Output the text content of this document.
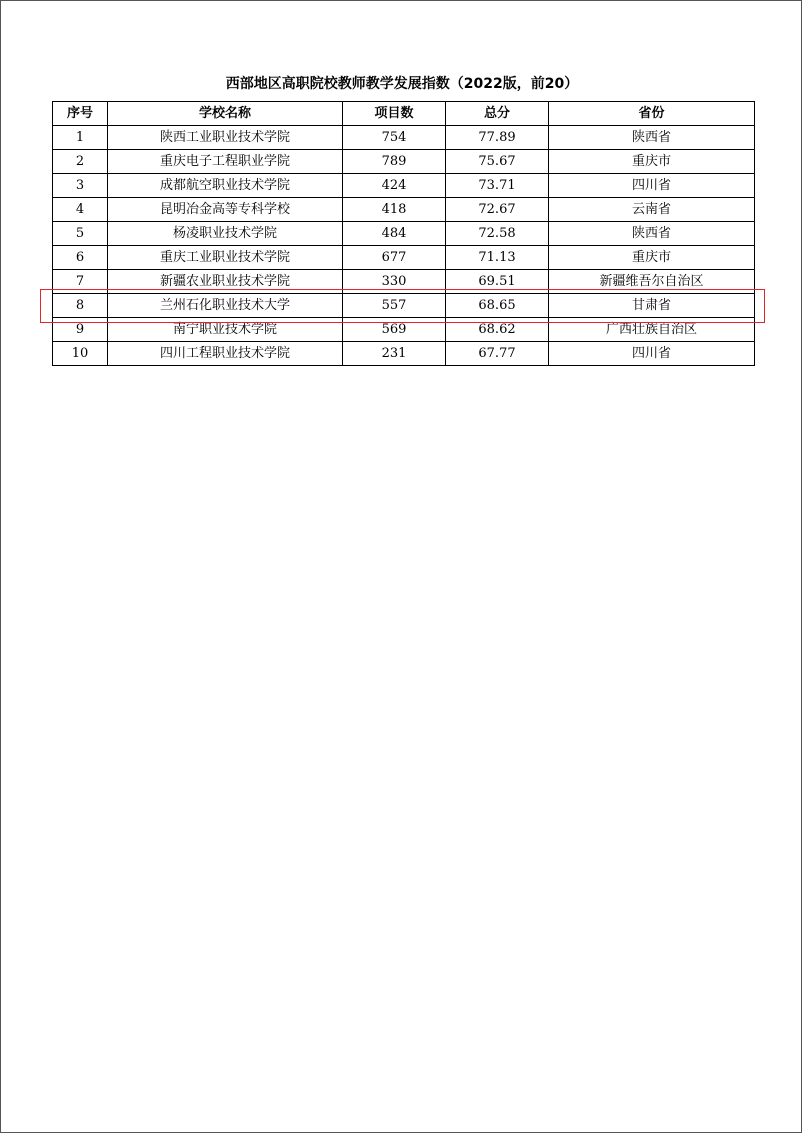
西部地区高职院校教师教学发展指数（2022版，前20）
序号	学校名称	项目数	总分	省份
1	陕西工业职业技术学院	754	77.89	陕西省
2	重庆电子工程职业学院	789	75.67	重庆市
3	成都航空职业技术学院	424	73.71	四川省
4	昆明冶金高等专科学校	418	72.67	云南省
5	杨凌职业技术学院	484	72.58	陕西省
6	重庆工业职业技术学院	677	71.13	重庆市
7	新疆农业职业技术学院	330	69.51	新疆维吾尔自治区
8	兰州石化职业技术大学	557	68.65	甘肃省
9	南宁职业技术学院	569	68.62	广西壮族自治区
10	四川工程职业技术学院	231	67.77	四川省
